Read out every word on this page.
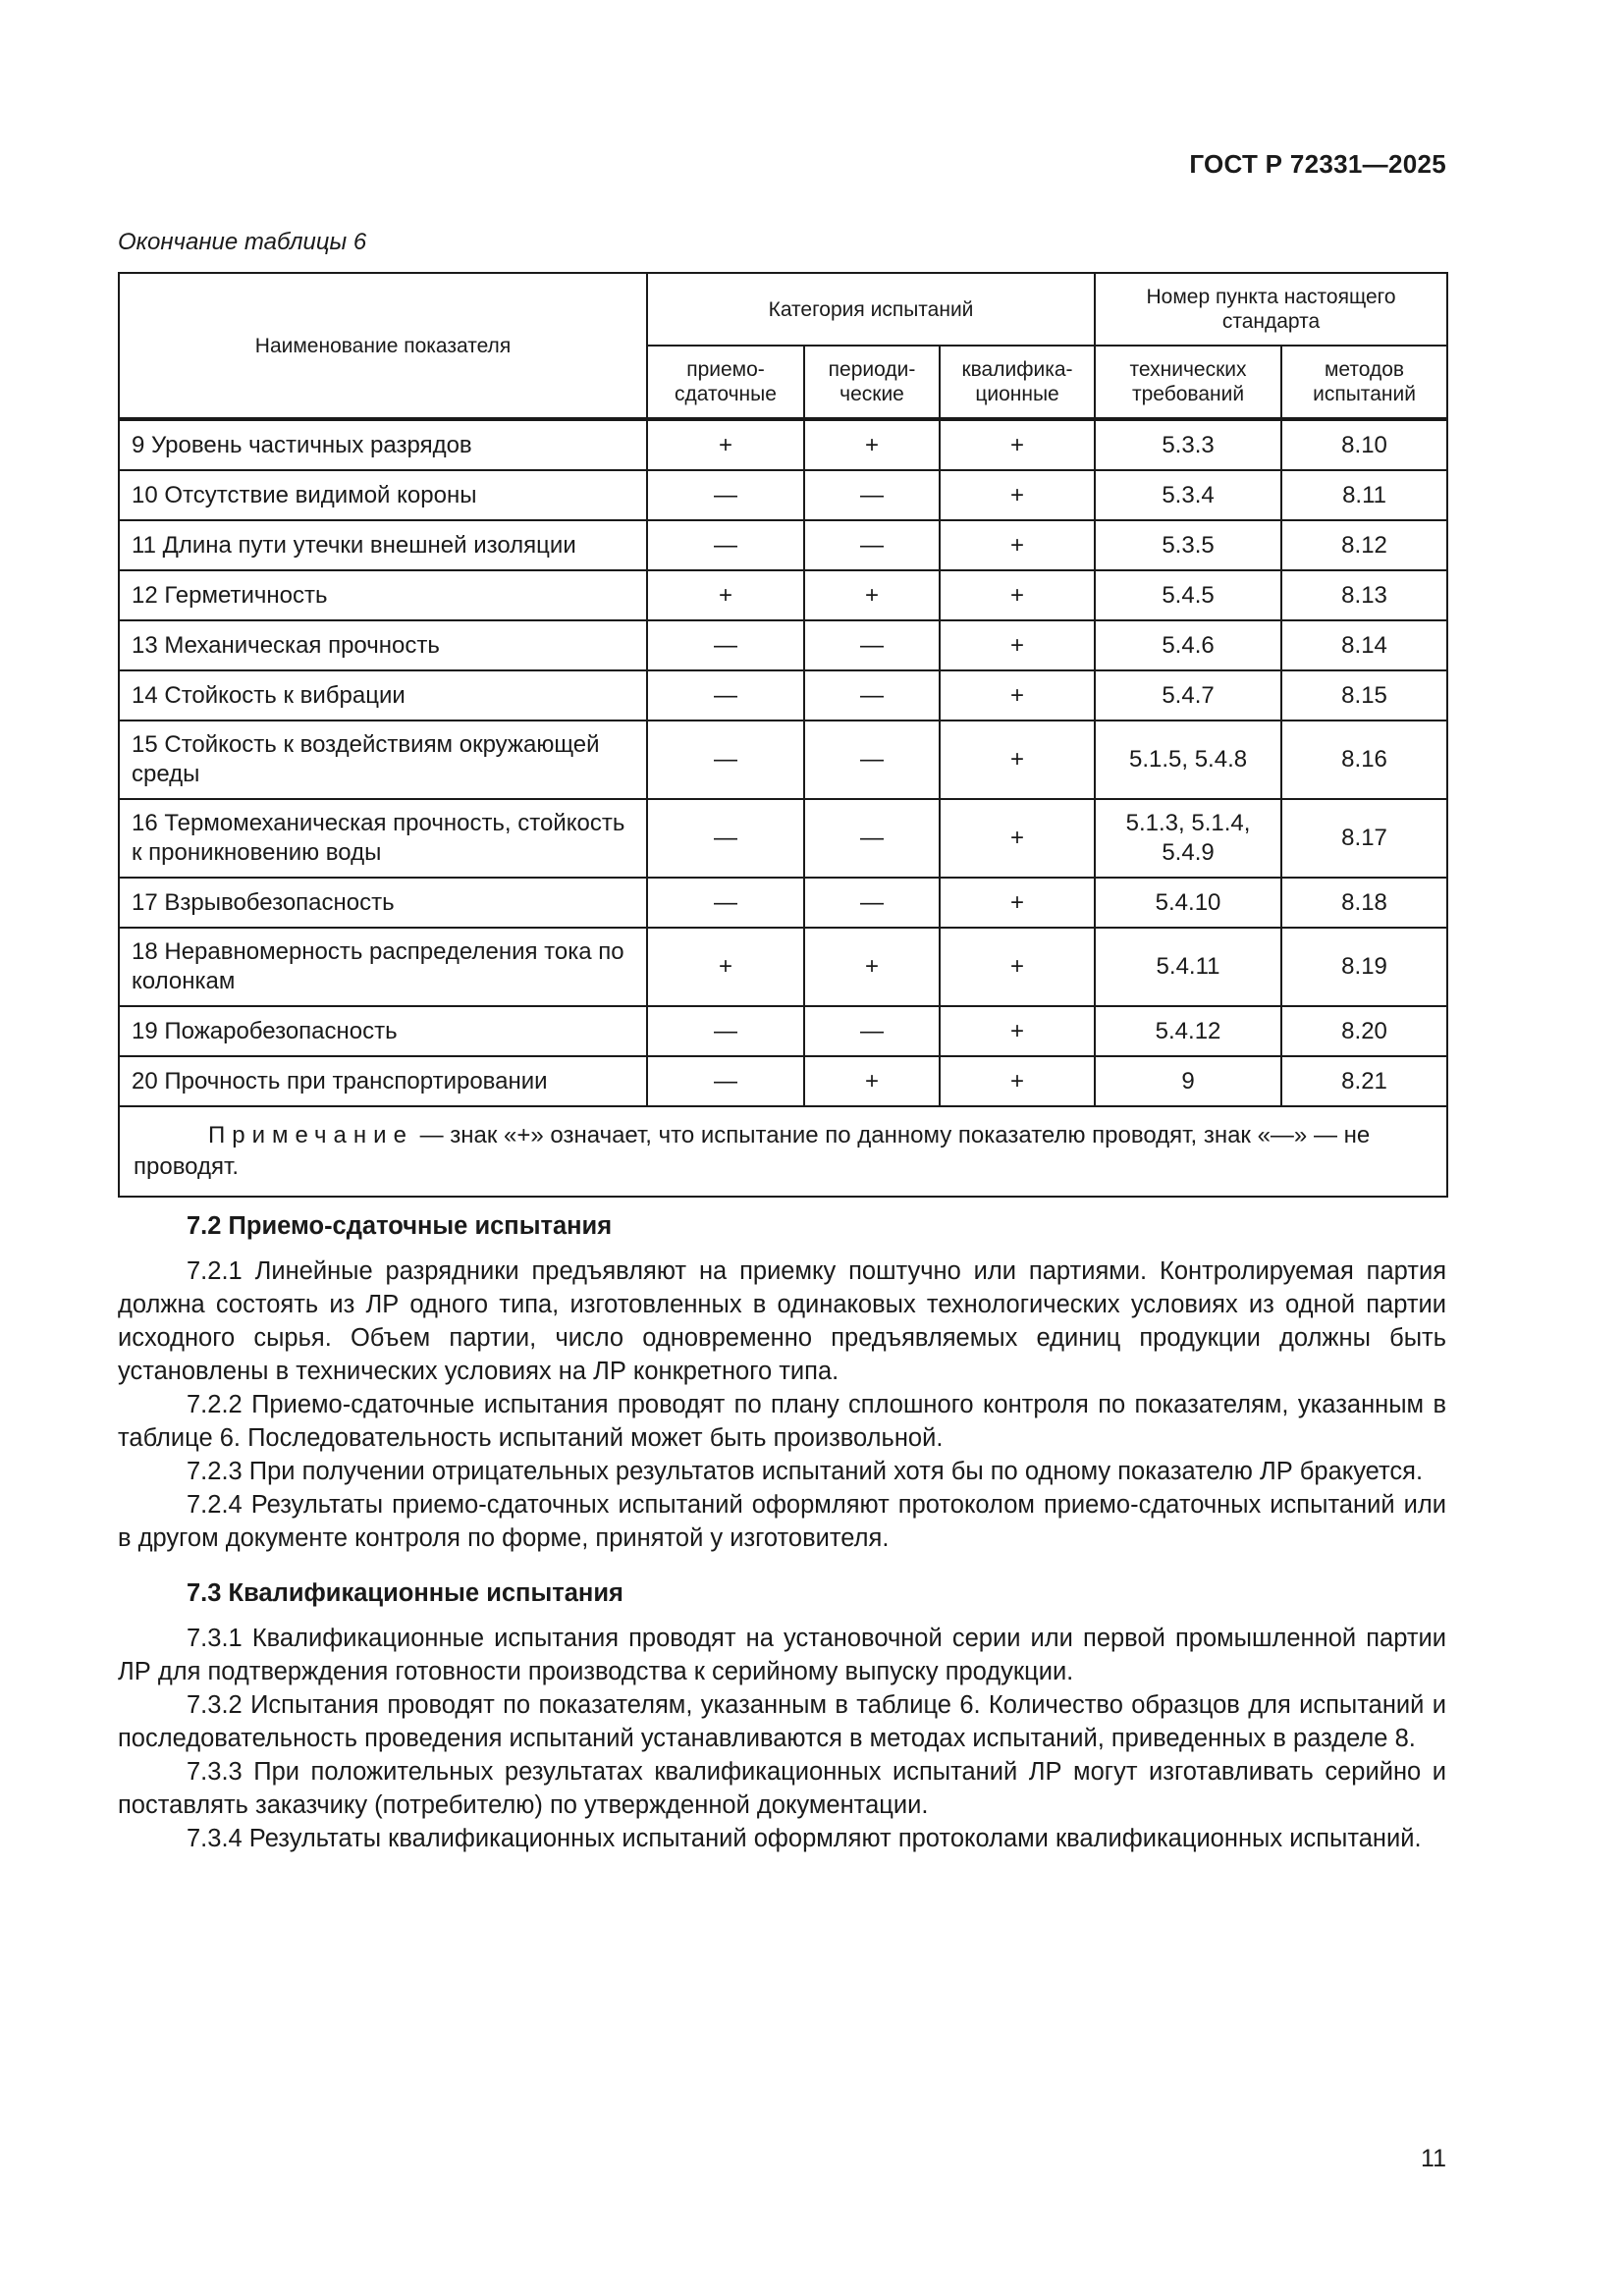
ГОСТ Р 72331—2025
Окончание таблицы 6
Наименование показателя	Категория испытаний			Номер пункта настоящего стандарта	
	приемо-сдаточные	периоди-ческие	квалифика-ционные	технических требований	методов испытаний
9 Уровень частичных разрядов	+	+	+	5.3.3	8.10
10 Отсутствие видимой короны	—	—	+	5.3.4	8.11
11 Длина пути утечки внешней изоляции	—	—	+	5.3.5	8.12
12 Герметичность	+	+	+	5.4.5	8.13
13 Механическая прочность	—	—	+	5.4.6	8.14
14 Стойкость к вибрации	—	—	+	5.4.7	8.15
15 Стойкость к воздействиям окружающей среды	—	—	+	5.1.5, 5.4.8	8.16
16 Термомеханическая прочность, стойкость к проникновению воды	—	—	+	5.1.3, 5.1.4, 5.4.9	8.17
17 Взрывобезопасность	—	—	+	5.4.10	8.18
18 Неравномерность распределения тока по колонкам	+	+	+	5.4.11	8.19
19 Пожаробезопасность	—	—	+	5.4.12	8.20
20 Прочность при транспортировании	—	+	+	9	8.21
Примечание — знак «+» означает, что испытание по данному показателю проводят, знак «—» — не проводят.					
7.2 Приемо-сдаточные испытания

7.2.1 Линейные разрядники предъявляют на приемку поштучно или партиями. Контролируемая партия должна состоять из ЛР одного типа, изготовленных в одинаковых технологических условиях из одной партии исходного сырья. Объем партии, число одновременно предъявляемых единиц продукции должны быть установлены в технических условиях на ЛР конкретного типа.

7.2.2 Приемо-сдаточные испытания проводят по плану сплошного контроля по показателям, указанным в таблице 6. Последовательность испытаний может быть произвольной.

7.2.3 При получении отрицательных результатов испытаний хотя бы по одному показателю ЛР бракуется.

7.2.4 Результаты приемо-сдаточных испытаний оформляют протоколом приемо-сдаточных испытаний или в другом документе контроля по форме, принятой у изготовителя.

7.3 Квалификационные испытания

7.3.1 Квалификационные испытания проводят на установочной серии или первой промышленной партии ЛР для подтверждения готовности производства к серийному выпуску продукции.

7.3.2 Испытания проводят по показателям, указанным в таблице 6. Количество образцов для испытаний и последовательность проведения испытаний устанавливаются в методах испытаний, приведенных в разделе 8.

7.3.3 При положительных результатах квалификационных испытаний ЛР могут изготавливать серийно и поставлять заказчику (потребителю) по утвержденной документации.

7.3.4 Результаты квалификационных испытаний оформляют протоколами квалификационных испытаний.

11
